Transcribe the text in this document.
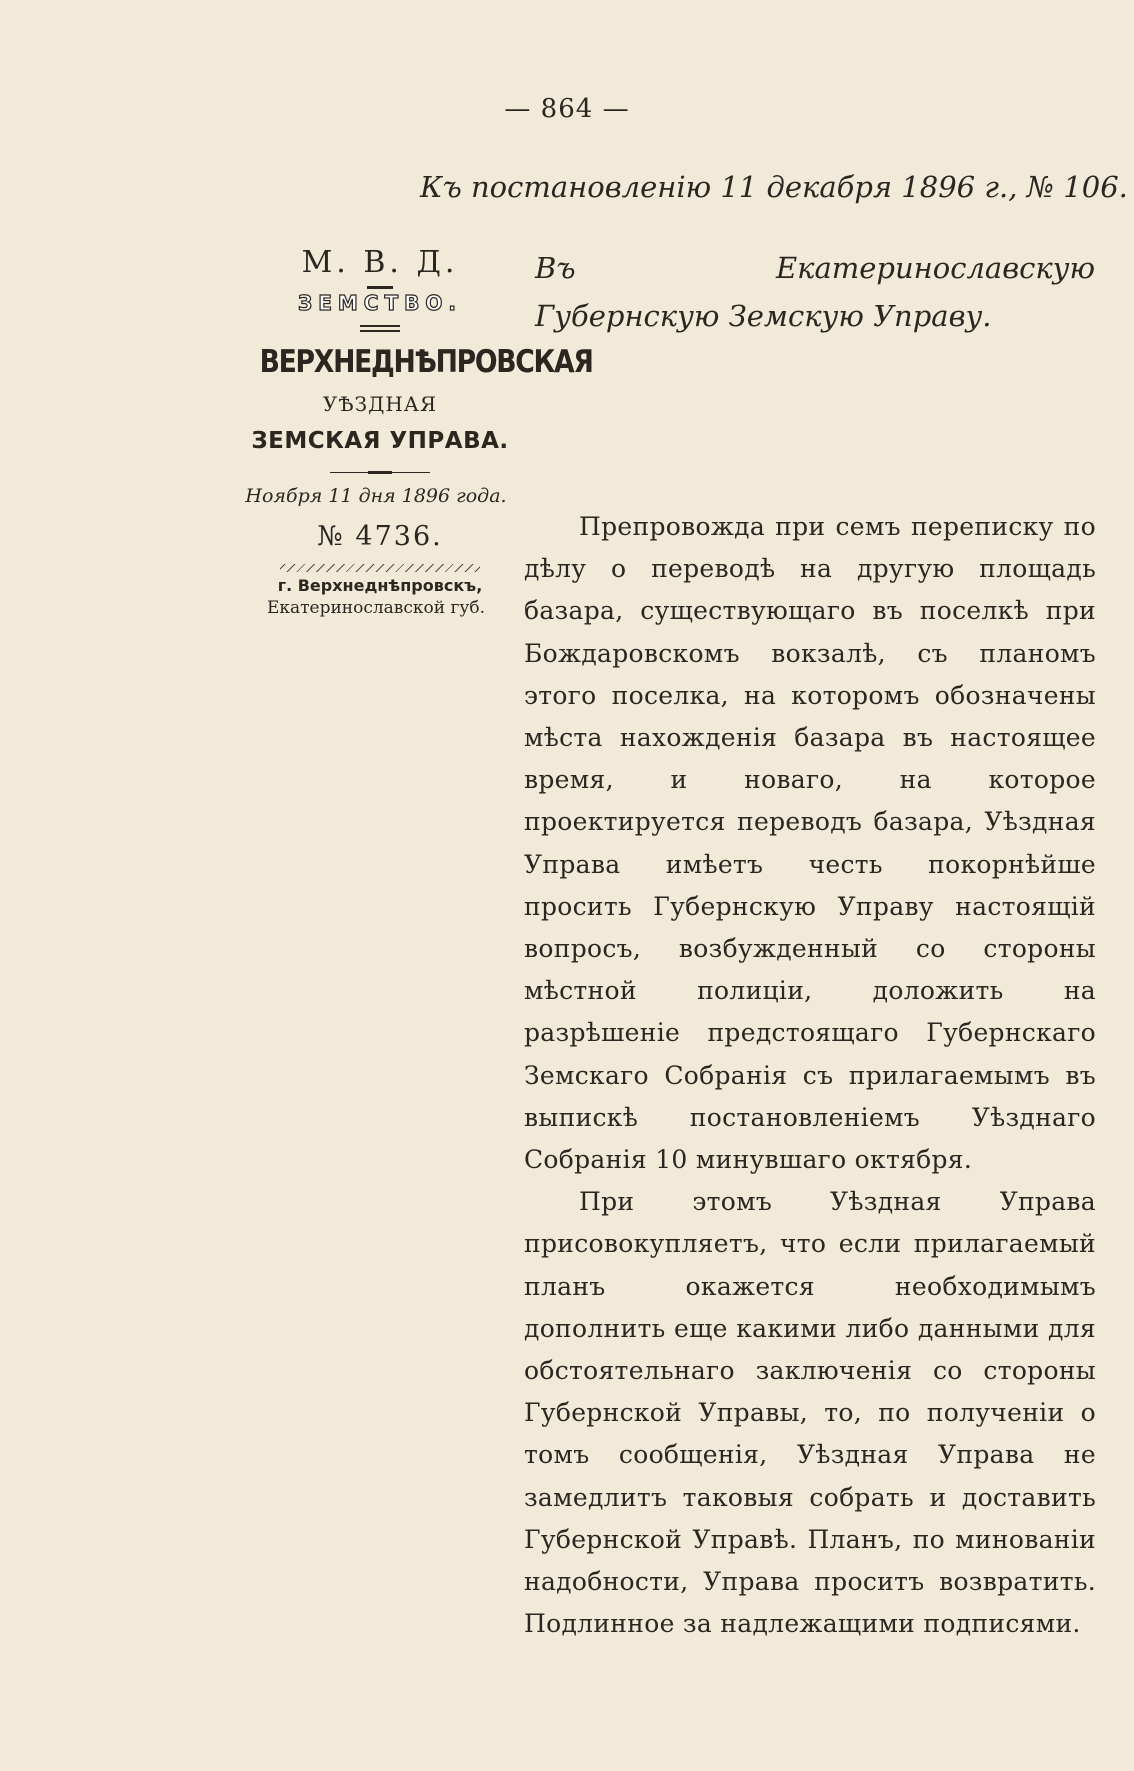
— 864 —
Къ постановленію 11 декабря 1896 г., № 106.
М. В. Д.
ЗЕМСТВО.
ВЕРХНЕДНѢПРОВСКАЯ
УѢЗДНАЯ
ЗЕМСКАЯ УПРАВА.
Ноября 11 дня 1896 года.
№ 4736.
г. Верхнеднѣпровскъ,
Екатеринославской губ.
Въ Екатеринославскую Губернскую Земскую Управу.

Препровожда при семъ переписку по дѣлу о переводѣ на другую площадь базара, существующаго въ поселкѣ при Бождаровскомъ вокзалѣ, съ планомъ этого поселка, на которомъ обозначены мѣста нахожденія базара въ настоящее время, и новаго, на которое проектируется переводъ базара, Уѣздная Управа имѣетъ честь покорнѣйше просить Губернскую Управу настоящій вопросъ, возбужденный со стороны мѣстной полиціи, доложить на разрѣшеніе предстоящаго Губернскаго Земскаго Собранія съ прилагаемымъ въ выпискѣ постановленіемъ Уѣзднаго Собранія 10 минувшаго октября.

При этомъ Уѣздная Управа присовокупляетъ, что если прилагаемый планъ окажется необходимымъ дополнить еще какими либо данными для обстоятельнаго заключенія со стороны Губернской Управы, то, по полученіи о томъ сообщенія, Уѣздная Управа не замедлитъ таковыя собрать и доставить Губернской Управѣ. Планъ, по минованіи надобности, Управа проситъ возвратить. Подлинное за надлежащими подписями.
